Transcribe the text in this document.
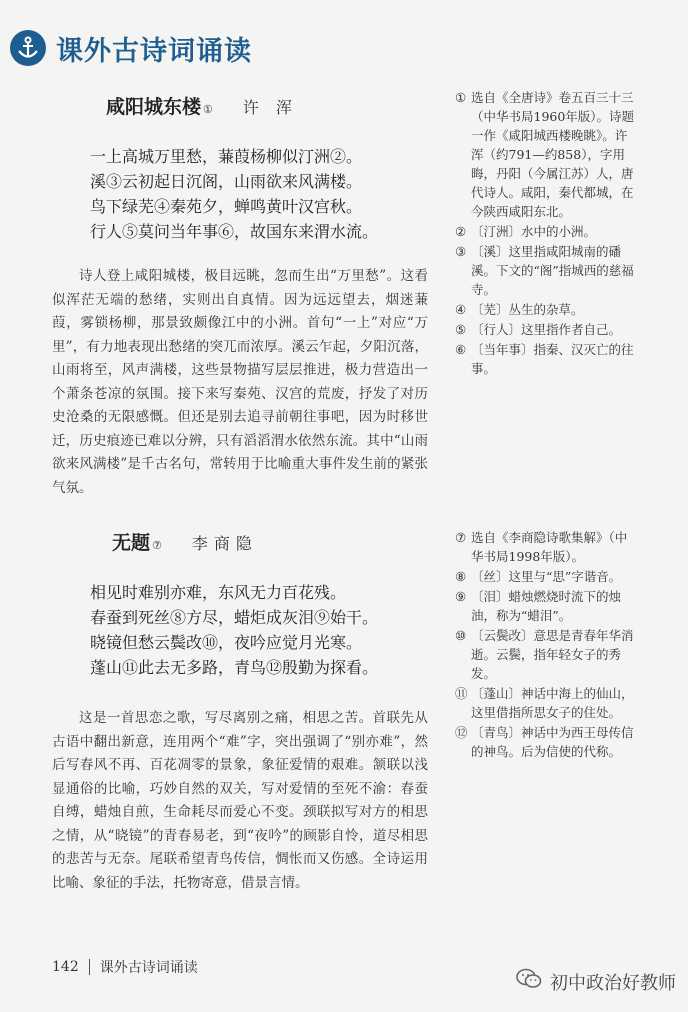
课外古诗词诵读
咸阳城东楼 ① 许 浑
一上高城万里愁，蒹葭杨柳似汀洲②。
溪③云初起日沉阁，山雨欲来风满楼。
鸟下绿芜④秦苑夕，蝉鸣黄叶汉宫秋。
行人⑤莫问当年事⑥，故国东来渭水流。
诗人登上咸阳城楼，极目远眺，忽而生出“万里愁”。这看似浑茫无端的愁绪，实则出自真情。因为远远望去，烟迷蒹葭，雾锁杨柳，那景致颇像江中的小洲。首句“一上”对应“万里”，有力地表现出愁绪的突兀而浓厚。溪云乍起，夕阳沉落，山雨将至，风声满楼，这些景物描写层层推进，极力营造出一个萧条苍凉的氛围。接下来写秦苑、汉宫的荒废，抒发了对历史沧桑的无限感慨。但还是别去追寻前朝往事吧，因为时移世迁，历史痕迹已难以分辨，只有滔滔渭水依然东流。其中“山雨欲来风满楼”是千古名句，常转用于比喻重大事件发生前的紧张气氛。
① 选自《全唐诗》卷五百三十三（中华书局1960年版）。诗题一作《咸阳城西楼晚眺》。许浑（约791—约858），字用晦，丹阳（今属江苏）人，唐代诗人。咸阳，秦代都城，在今陕西咸阳东北。
② 〔汀洲〕水中的小洲。
③ 〔溪〕这里指咸阳城南的磻溪。下文的“阁”指城西的慈福寺。
④ 〔芜〕丛生的杂草。
⑤ 〔行人〕这里指作者自己。
⑥ 〔当年事〕指秦、汉灭亡的往事。
无题 ⑦ 李商隐
相见时难别亦难，东风无力百花残。
春蚕到死丝⑧方尽，蜡炬成灰泪⑨始干。
晓镜但愁云鬓改⑩，夜吟应觉月光寒。
蓬山⑪此去无多路，青鸟⑫殷勤为探看。
这是一首思恋之歌，写尽离别之痛，相思之苦。首联先从古语中翻出新意，连用两个“难”字，突出强调了“别亦难”，然后写春风不再、百花凋零的景象，象征爱情的艰难。颔联以浅显通俗的比喻，巧妙自然的双关，写对爱情的至死不渝：春蚕自缚，蜡烛自煎，生命耗尽而爱心不变。颈联拟写对方的相思之情，从“晓镜”的青春易老，到“夜吟”的顾影自怜，道尽相思的悲苦与无奈。尾联希望青鸟传信，惆怅而又伤感。全诗运用比喻、象征的手法，托物寄意，借景言情。
⑦ 选自《李商隐诗歌集解》（中华书局1998年版）。
⑧ 〔丝〕这里与“思”字谐音。
⑨ 〔泪〕蜡烛燃烧时流下的烛油，称为“蜡泪”。
⑩ 〔云鬓改〕意思是青春年华消逝。云鬓，指年轻女子的秀发。
⑪ 〔蓬山〕神话中海上的仙山，这里借指所思女子的住处。
⑫ 〔青鸟〕神话中为西王母传信的神鸟。后为信使的代称。
142 课外古诗词诵读
初中政治好教师
